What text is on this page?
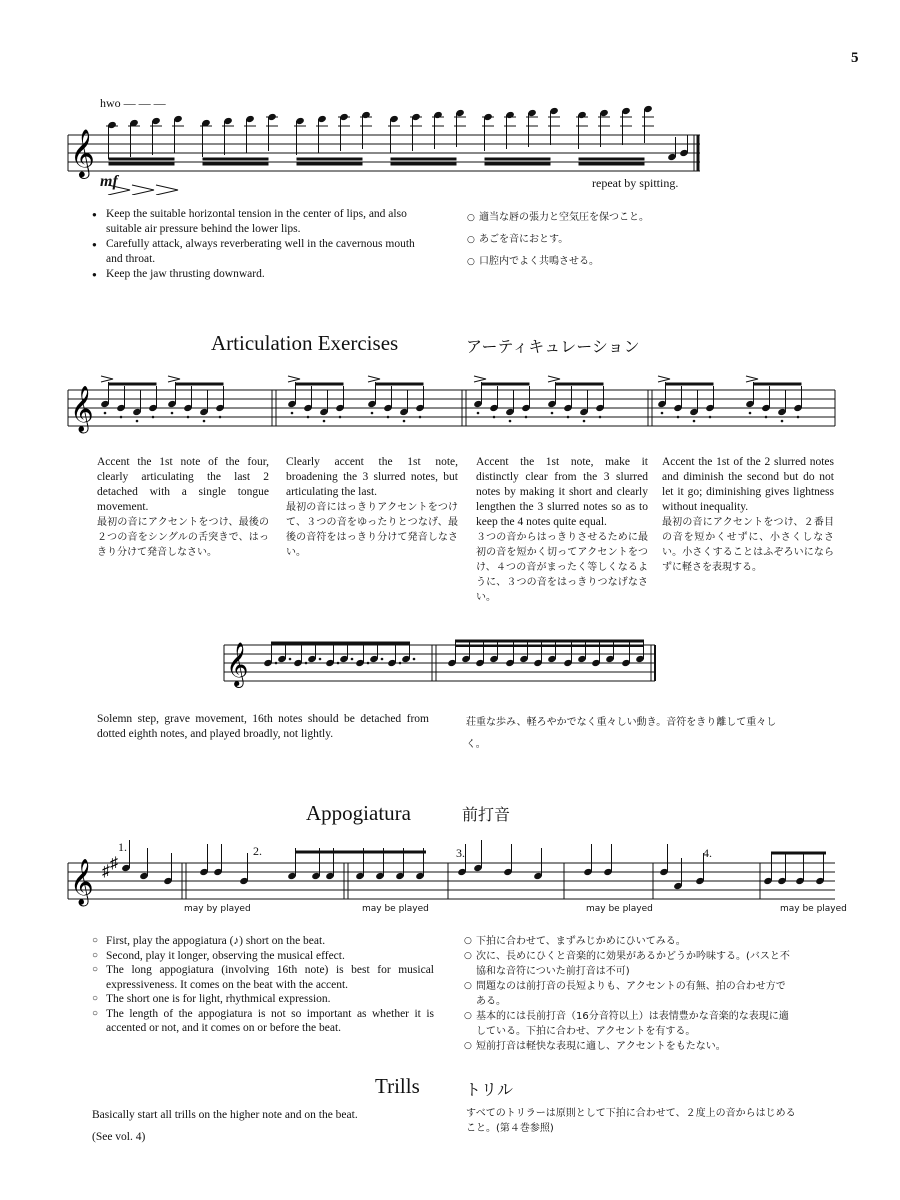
5
hwo — — —
𝄞
mf	repeat by spitting.
● Keep the suitable horizontal tension in the center of lips, and also suitable air pressure behind the lower lips.
● Carefully attack, always reverberating well in the cavernous mouth and throat.
● Keep the jaw thrusting downward.
○ 適当な唇の張力と空気圧を保つこと。
○ あごを音におとす。
○ 口腔内でよく共鳴させる。
Articulation Exercises	アーティキュレーション
𝄞

Accent the 1st note of the four, clearly articulating the last 2 detached with a single tongue movement.

最初の音にアクセントをつけ、最後の２つの音をシングルの舌突きで、はっきり分けて発音しなさい。

Clearly accent the 1st note, broadening the 3 slurred notes, but articulating the last.

最初の音にはっきりアクセントをつけて、３つの音をゆったりとつなげ、最後の音符をはっきり分けて発音しなさい。

Accent the 1st note, make it distinctly clear from the 3 slurred notes by making it short and clearly lengthen the 3 slurred notes so as to keep the 4 notes quite equal.

３つの音からはっきりさせるために最初の音を短かく切ってアクセントをつけ、４つの音がまったく等しくなるように、３つの音をはっきりつなげなさい。

Accent the 1st of the 2 slurred notes and diminish the second but do not let it go; diminishing gives lightness without inequality.

最初の音にアクセントをつけ、２番目の音を短かくせずに、小さくしなさい。小さくすることはふぞろいにならずに軽さを表現する。

𝄞
Solemn step, grave movement, 16th notes should be detached from dotted eighth notes, and played broadly, not lightly.
荘重な歩み、軽ろやかでなく重々しい動き。音符をきり離して重々しく。
Appogiatura	前打音
𝄞 ♯ ♯
1.	2.	3.	4.
may by played	may be played	may be played	may be played
○ First, play the appogiatura (♪) short on the beat.
○ Second, play it longer, observing the musical effect.
○ The long appogiatura (involving 16th note) is best for musical expressiveness. It comes on the beat with the accent.
○ The short one is for light, rhythmical expression.
○ The length of the appogiatura is not so important as whether it is accented or not, and it comes on or before the beat.
○ 下拍に合わせて、まずみじかめにひいてみる。
○ 次に、長めにひくと音楽的に効果があるかどうか吟味する。(バスと不協和な音符についた前打音は不可)
○ 問題なのは前打音の長短よりも、アクセントの有無、拍の合わせ方である。
○ 基本的には長前打音（16分音符以上）は表情豊かな音楽的な表現に適している。下拍に合わせ、アクセントを有する。
○ 短前打音は軽快な表現に適し、アクセントをもたない。
Trills	トリル
Basically start all trills on the higher note and on the beat.
(See vol. 4)
すべてのトリラーは原則として下拍に合わせて、２度上の音からはじめること。(第４巻参照)
